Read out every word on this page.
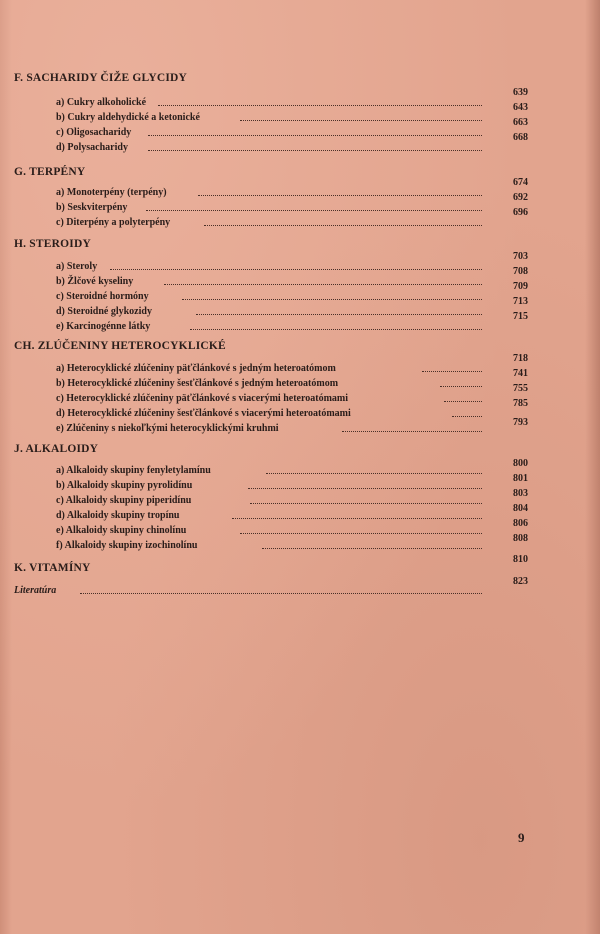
F. SACHARIDY ČIŽE GLYCIDY
a) Cukry alkoholické
639
b) Cukry aldehydické a ketonické
643
c) Oligosacharidy
663
d) Polysacharidy
668
G. TERPÉNY
a) Monoterpény (terpény)
674
b) Seskviterpény
692
c) Diterpény a polyterpény
696
H. STEROIDY
a) Steroly
703
b) Žlčové kyseliny
708
c) Steroidné hormóny
709
d) Steroidné glykozidy
713
e) Karcinogénne látky
715
CH. ZLÚČENINY HETEROCYKLICKÉ
a) Heterocyklické zlúčeniny päťčlánkové s jedným heteroatómom
718
b) Heterocyklické zlúčeniny šesťčlánkové s jedným heteroatómom
741
c) Heterocyklické zlúčeniny päťčlánkové s viacerými heteroatómami
755
d) Heterocyklické zlúčeniny šesťčlánkové s viacerými heteroatómami
785
e) Zlúčeniny s niekoľkými heterocyklickými kruhmi
793
J. ALKALOIDY
a) Alkaloidy skupiny fenyletylamínu
800
b) Alkaloidy skupiny pyrolidínu
801
c) Alkaloidy skupiny piperidínu
803
d) Alkaloidy skupiny tropínu
804
e) Alkaloidy skupiny chinolínu
806
f) Alkaloidy skupiny izochinolínu
808
K. VITAMÍNY
810
Literatúra
823
9
